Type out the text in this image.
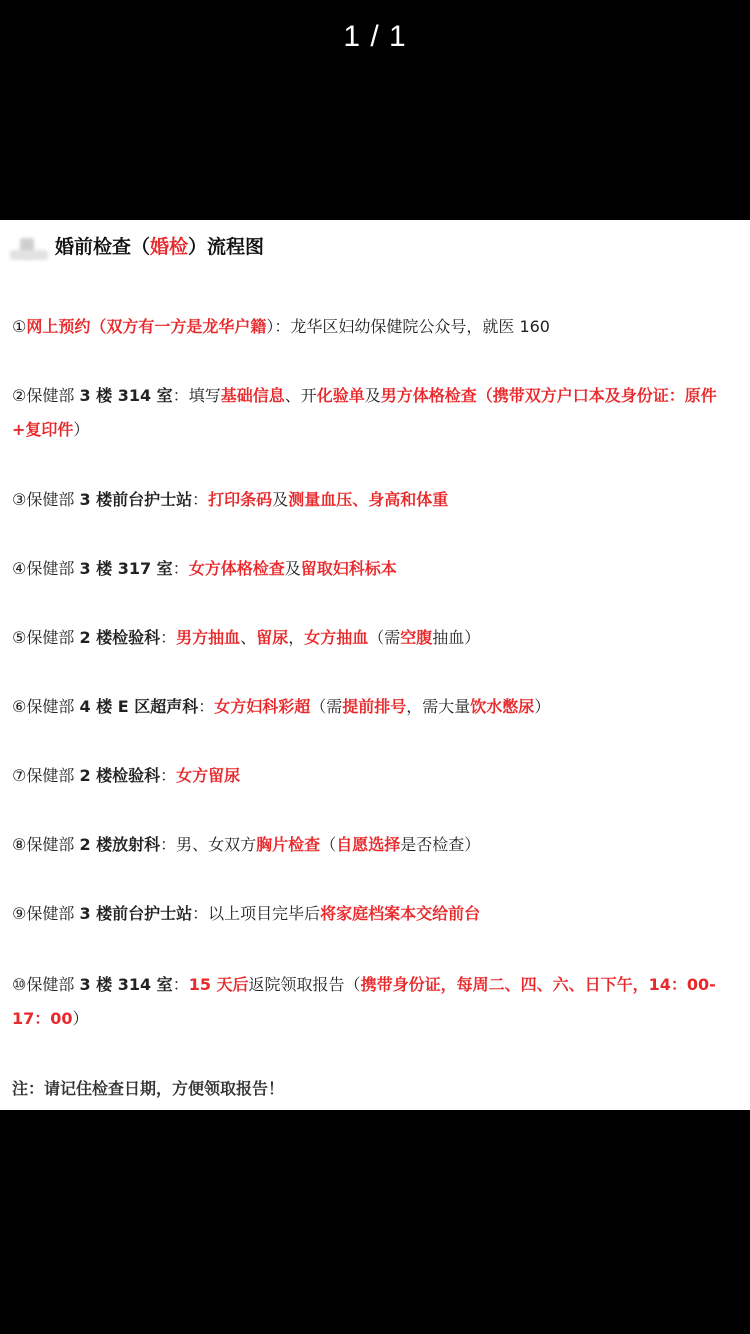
1 / 1
婚前检查（婚检）流程图
①网上预约（双方有一方是龙华户籍）：龙华区妇幼保健院公众号，就医 160
②保健部 3 楼 314 室：填写基础信息、开化验单及男方体格检查（携带双方户口本及身份证：原件+复印件）
③保健部 3 楼前台护士站：打印条码及测量血压、身高和体重
④保健部 3 楼 317 室：女方体格检查及留取妇科标本
⑤保健部 2 楼检验科：男方抽血、留尿，女方抽血（需空腹抽血）
⑥保健部 4 楼 E 区超声科：女方妇科彩超（需提前排号，需大量饮水憋尿）
⑦保健部 2 楼检验科：女方留尿
⑧保健部 2 楼放射科：男、女双方胸片检查（自愿选择是否检查）
⑨保健部 3 楼前台护士站：以上项目完毕后将家庭档案本交给前台
⑩保健部 3 楼 314 室：15 天后返院领取报告（携带身份证，每周二、四、六、日下午，14：00-17：00）
注：请记住检查日期，方便领取报告！
